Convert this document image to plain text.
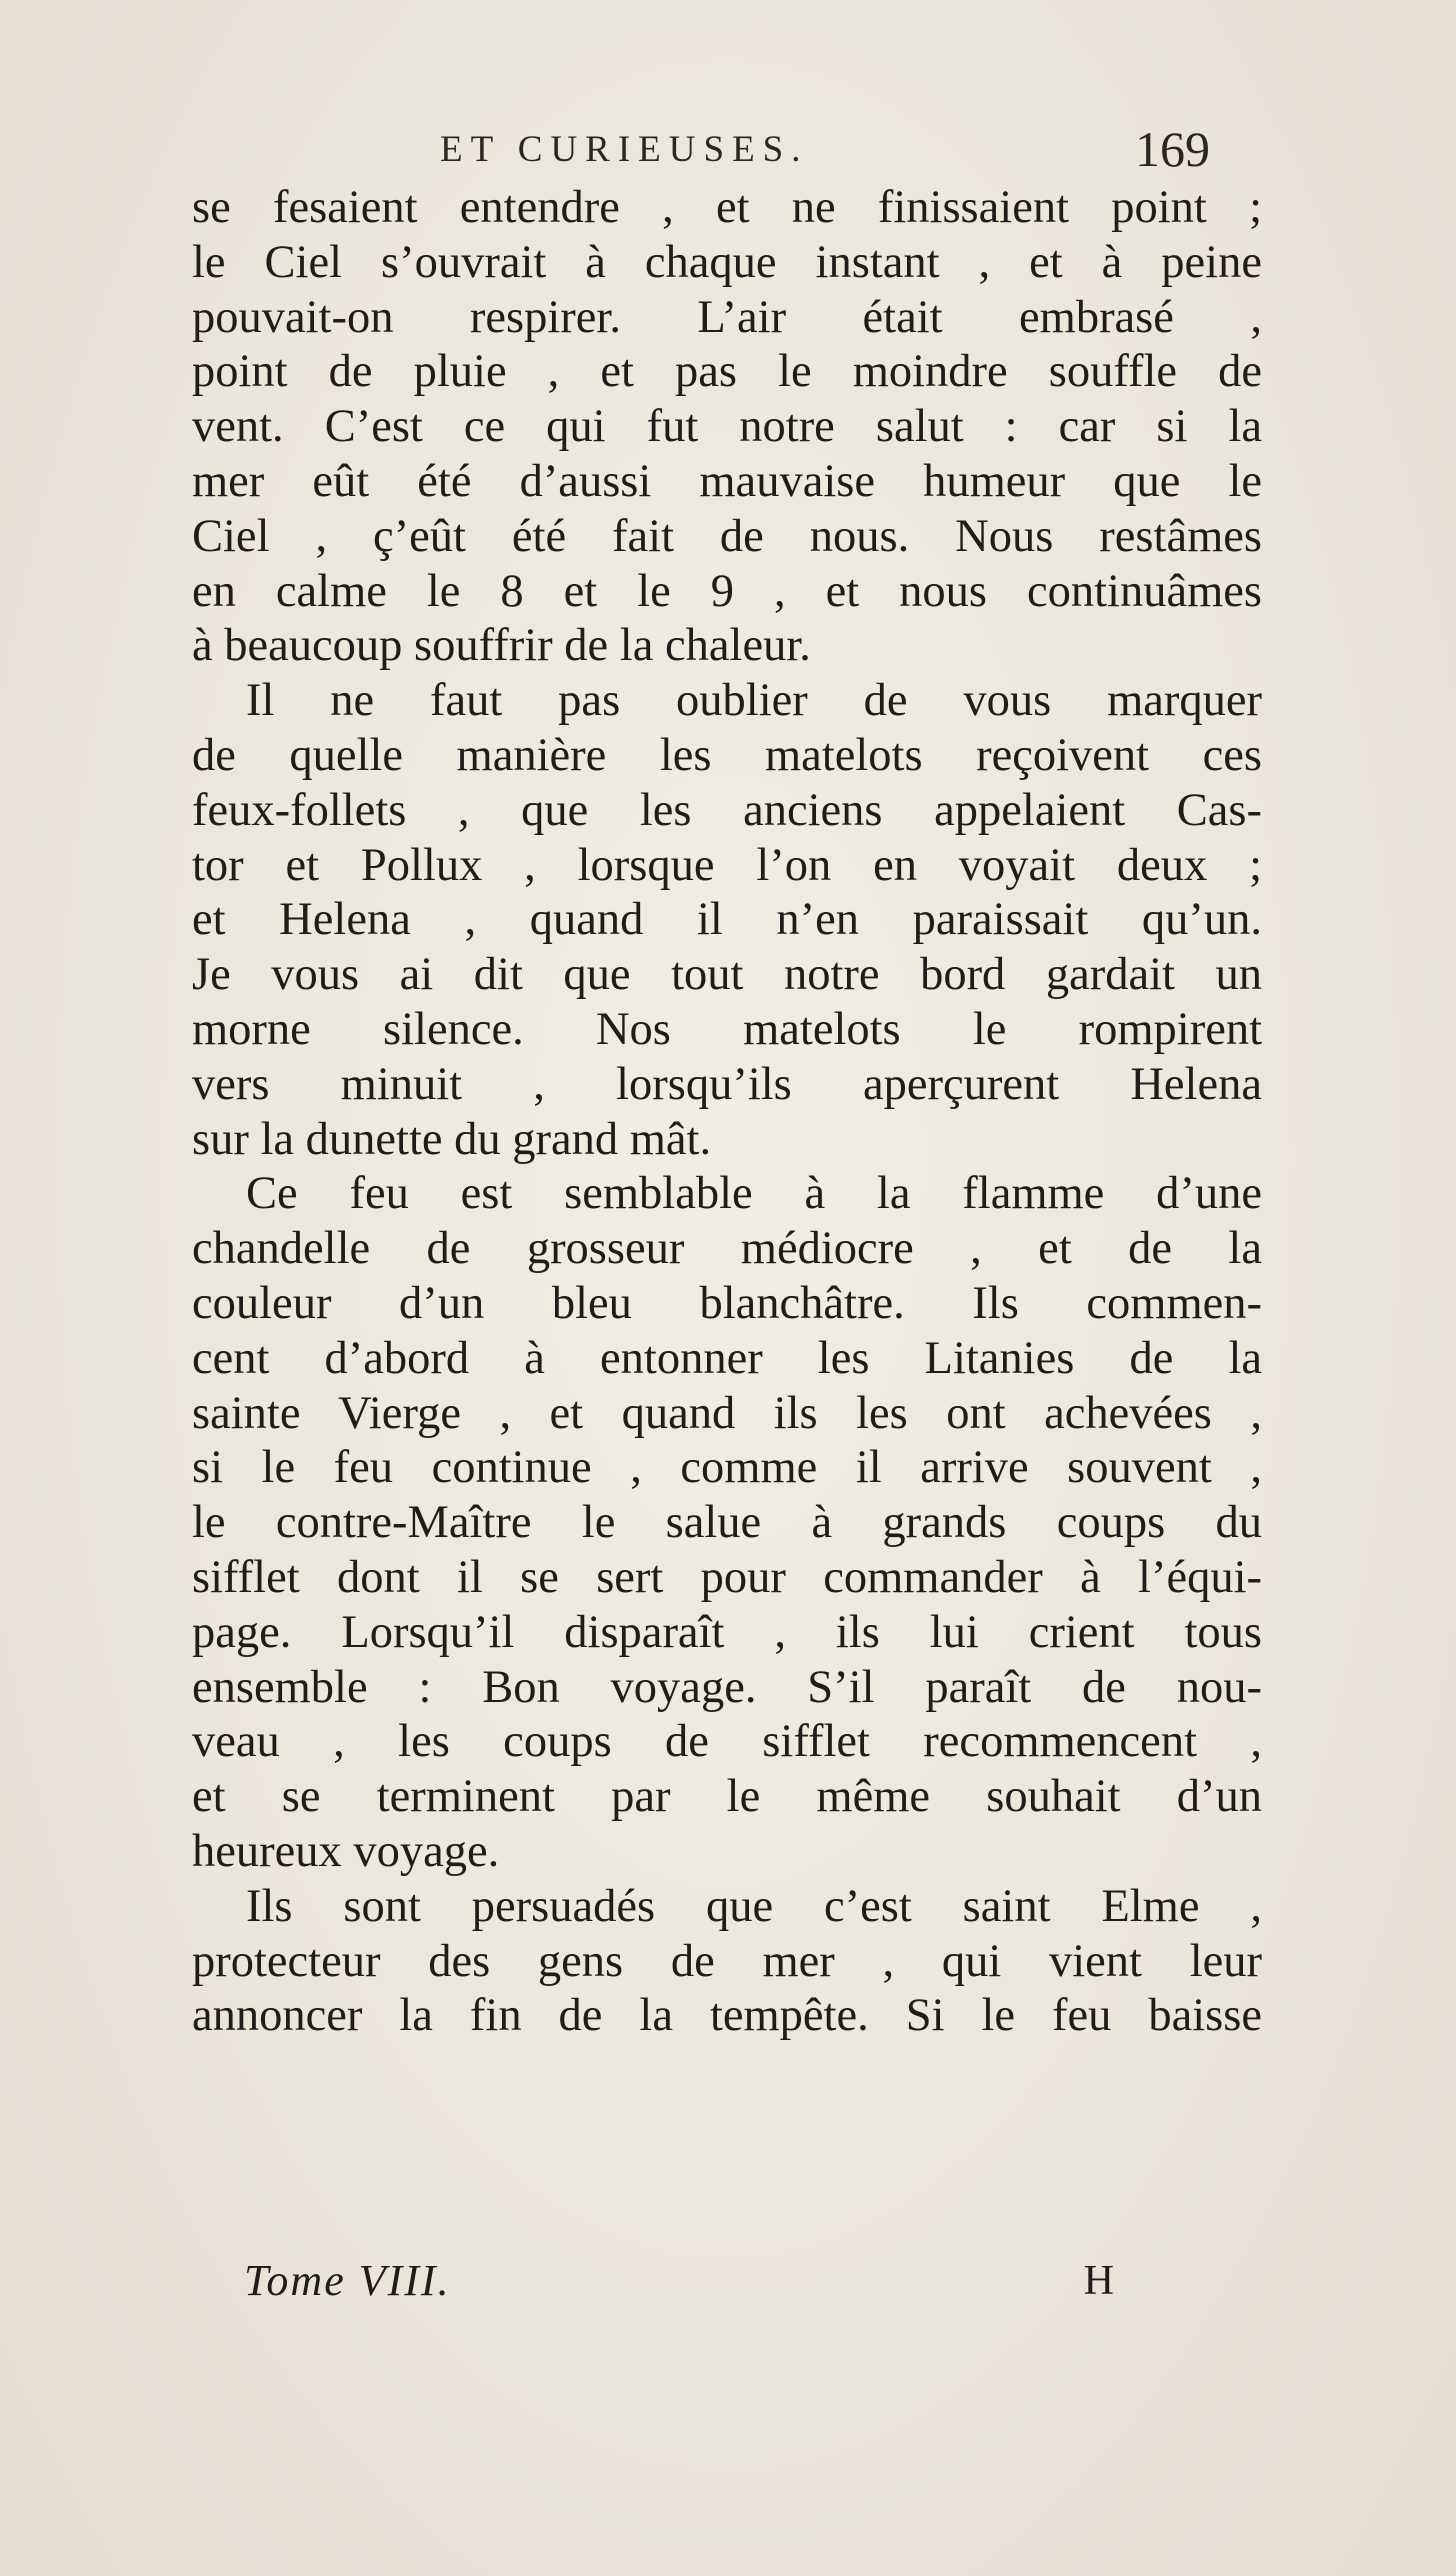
ET CURIEUSES.	169
se fesaient entendre , et ne finissaient point ;
le Ciel s’ouvrait à chaque instant , et à peine
pouvait-on respirer. L’air était embrasé ,
point de pluie , et pas le moindre souffle de
vent. C’est ce qui fut notre salut : car si la
mer eût été d’aussi mauvaise humeur que le
Ciel , ç’eût été fait de nous. Nous restâmes
en calme le 8 et le 9 , et nous continuâmes
à beaucoup souffrir de la chaleur.
Il ne faut pas oublier de vous marquer
de quelle manière les matelots reçoivent ces
feux-follets , que les anciens appelaient Cas-
tor et Pollux , lorsque l’on en voyait deux ;
et Helena , quand il n’en paraissait qu’un.
Je vous ai dit que tout notre bord gardait un
morne silence. Nos matelots le rompirent
vers minuit , lorsqu’ils aperçurent Helena
sur la dunette du grand mât.
Ce feu est semblable à la flamme d’une
chandelle de grosseur médiocre , et de la
couleur d’un bleu blanchâtre. Ils commen-
cent d’abord à entonner les Litanies de la
sainte Vierge , et quand ils les ont achevées ,
si le feu continue , comme il arrive souvent ,
le contre-Maître le salue à grands coups du
sifflet dont il se sert pour commander à l’équi-
page. Lorsqu’il disparaît , ils lui crient tous
ensemble : Bon voyage. S’il paraît de nou-
veau , les coups de sifflet recommencent ,
et se terminent par le même souhait d’un
heureux voyage.
Ils sont persuadés que c’est saint Elme ,
protecteur des gens de mer , qui vient leur
annoncer la fin de la tempête. Si le feu baisse
Tome VIII.	H
